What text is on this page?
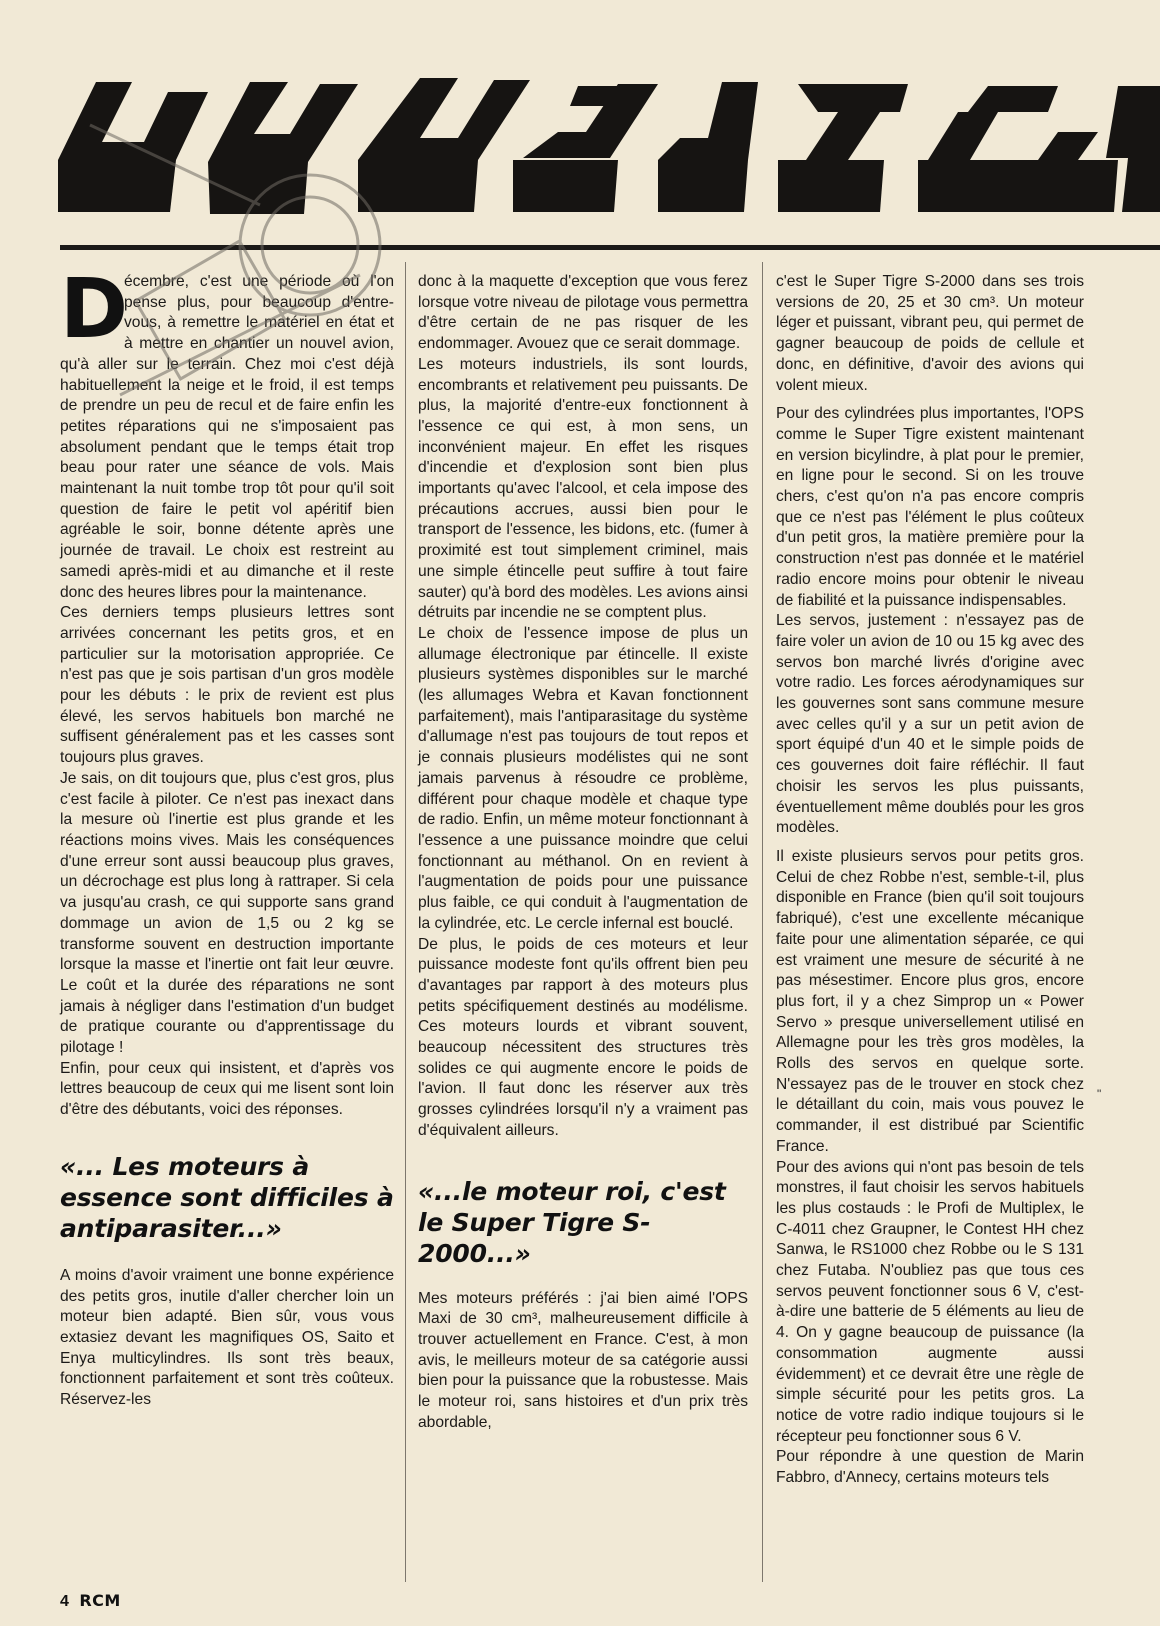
D

écembre, c'est une période où l'on pense plus, pour beaucoup d'entre-vous, à remettre le matériel en état et à mettre en chantier un nouvel avion, qu'à aller sur le terrain. Chez moi c'est déjà habituellement la neige et le froid, il est temps de prendre un peu de recul et de faire enfin les petites réparations qui ne s'imposaient pas absolument pendant que le temps était trop beau pour rater une séance de vols. Mais maintenant la nuit tombe trop tôt pour qu'il soit question de faire le petit vol apéritif bien agréable le soir, bonne détente après une journée de travail. Le choix est restreint au samedi après-midi et au dimanche et il reste donc des heures libres pour la maintenance.

Ces derniers temps plusieurs lettres sont arrivées concernant les petits gros, et en particulier sur la motorisation appropriée. Ce n'est pas que je sois partisan d'un gros modèle pour les débuts : le prix de revient est plus élevé, les servos habituels bon marché ne suffisent généralement pas et les casses sont toujours plus graves.

Je sais, on dit toujours que, plus c'est gros, plus c'est facile à piloter. Ce n'est pas inexact dans la mesure où l'inertie est plus grande et les réactions moins vives. Mais les conséquences d'une erreur sont aussi beaucoup plus graves, un décrochage est plus long à rattraper. Si cela va jusqu'au crash, ce qui supporte sans grand dommage un avion de 1,5 ou 2 kg se transforme souvent en destruction importante lorsque la masse et l'inertie ont fait leur œuvre. Le coût et la durée des réparations ne sont jamais à négliger dans l'estimation d'un budget de pratique courante ou d'apprentissage du pilotage !

Enfin, pour ceux qui insistent, et d'après vos lettres beaucoup de ceux qui me lisent sont loin d'être des débutants, voici des réponses.

«... Les moteurs à essence sont difficiles à antiparasiter...»

A moins d'avoir vraiment une bonne expérience des petits gros, inutile d'aller chercher loin un moteur bien adapté. Bien sûr, vous vous extasiez devant les magnifiques OS, Saito et Enya multicylindres. Ils sont très beaux, fonctionnent parfaitement et sont très coûteux. Réservez-les

donc à la maquette d'exception que vous ferez lorsque votre niveau de pilotage vous permettra d'être certain de ne pas risquer de les endommager. Avouez que ce serait dommage.

Les moteurs industriels, ils sont lourds, encombrants et relativement peu puissants. De plus, la majorité d'entre-eux fonctionnent à l'essence ce qui est, à mon sens, un inconvénient majeur. En effet les risques d'incendie et d'explosion sont bien plus importants qu'avec l'alcool, et cela impose des précautions accrues, aussi bien pour le transport de l'essence, les bidons, etc. (fumer à proximité est tout simplement criminel, mais une simple étincelle peut suffire à tout faire sauter) qu'à bord des modèles. Les avions ainsi détruits par incendie ne se comptent plus.

Le choix de l'essence impose de plus un allumage électronique par étincelle. Il existe plusieurs systèmes disponibles sur le marché (les allumages Webra et Kavan fonctionnent parfaitement), mais l'antiparasitage du système d'allumage n'est pas toujours de tout repos et je connais plusieurs modélistes qui ne sont jamais parvenus à résoudre ce problème, différent pour chaque modèle et chaque type de radio. Enfin, un même moteur fonctionnant à l'essence a une puissance moindre que celui fonctionnant au méthanol. On en revient à l'augmentation de poids pour une puissance plus faible, ce qui conduit à l'augmentation de la cylindrée, etc. Le cercle infernal est bouclé.

De plus, le poids de ces moteurs et leur puissance modeste font qu'ils offrent bien peu d'avantages par rapport à des moteurs plus petits spécifiquement destinés au modélisme. Ces moteurs lourds et vibrant souvent, beaucoup nécessitent des structures très solides ce qui augmente encore le poids de l'avion. Il faut donc les réserver aux très grosses cylindrées lorsqu'il n'y a vraiment pas d'équivalent ailleurs.

«...le moteur roi, c'est le Super Tigre S-2000...»

Mes moteurs préférés : j'ai bien aimé l'OPS Maxi de 30 cm³, malheureusement difficile à trouver actuellement en France. C'est, à mon avis, le meilleurs moteur de sa catégorie aussi bien pour la puissance que la robustesse. Mais le moteur roi, sans histoires et d'un prix très abordable,

c'est le Super Tigre S-2000 dans ses trois versions de 20, 25 et 30 cm³. Un moteur léger et puissant, vibrant peu, qui permet de gagner beaucoup de poids de cellule et donc, en définitive, d'avoir des avions qui volent mieux.

Pour des cylindrées plus importantes, l'OPS comme le Super Tigre existent maintenant en version bicylindre, à plat pour le premier, en ligne pour le second. Si on les trouve chers, c'est qu'on n'a pas encore compris que ce n'est pas l'élément le plus coûteux d'un petit gros, la matière première pour la construction n'est pas donnée et le matériel radio encore moins pour obtenir le niveau de fiabilité et la puissance indispensables.

Les servos, justement : n'essayez pas de faire voler un avion de 10 ou 15 kg avec des servos bon marché livrés d'origine avec votre radio. Les forces aérodynamiques sur les gouvernes sont sans commune mesure avec celles qu'il y a sur un petit avion de sport équipé d'un 40 et le simple poids de ces gouvernes doit faire réfléchir. Il faut choisir les servos les plus puissants, éventuellement même doublés pour les gros modèles.

Il existe plusieurs servos pour petits gros. Celui de chez Robbe n'est, semble-t-il, plus disponible en France (bien qu'il soit toujours fabriqué), c'est une excellente mécanique faite pour une alimentation séparée, ce qui est vraiment une mesure de sécurité à ne pas mésestimer. Encore plus gros, encore plus fort, il y a chez Simprop un « Power Servo » presque universellement utilisé en Allemagne pour les très gros modèles, la Rolls des servos en quelque sorte. N'essayez pas de le trouver en stock chez le détaillant du coin, mais vous pouvez le commander, il est distribué par Scientific France.

Pour des avions qui n'ont pas besoin de tels monstres, il faut choisir les servos habituels les plus costauds : le Profi de Multiplex, le C-4011 chez Graupner, le Contest HH chez Sanwa, le RS1000 chez Robbe ou le S 131 chez Futaba. N'oubliez pas que tous ces servos peuvent fonctionner sous 6 V, c'est-à-dire une batterie de 5 éléments au lieu de 4. On y gagne beaucoup de puissance (la consommation augmente aussi évidemment) et ce devrait être une règle de simple sécurité pour les petits gros. La notice de votre radio indique toujours si le récepteur peu fonctionner sous 6 V.

Pour répondre à une question de Marin Fabbro, d'Annecy, certains moteurs tels

"
4 RCM
